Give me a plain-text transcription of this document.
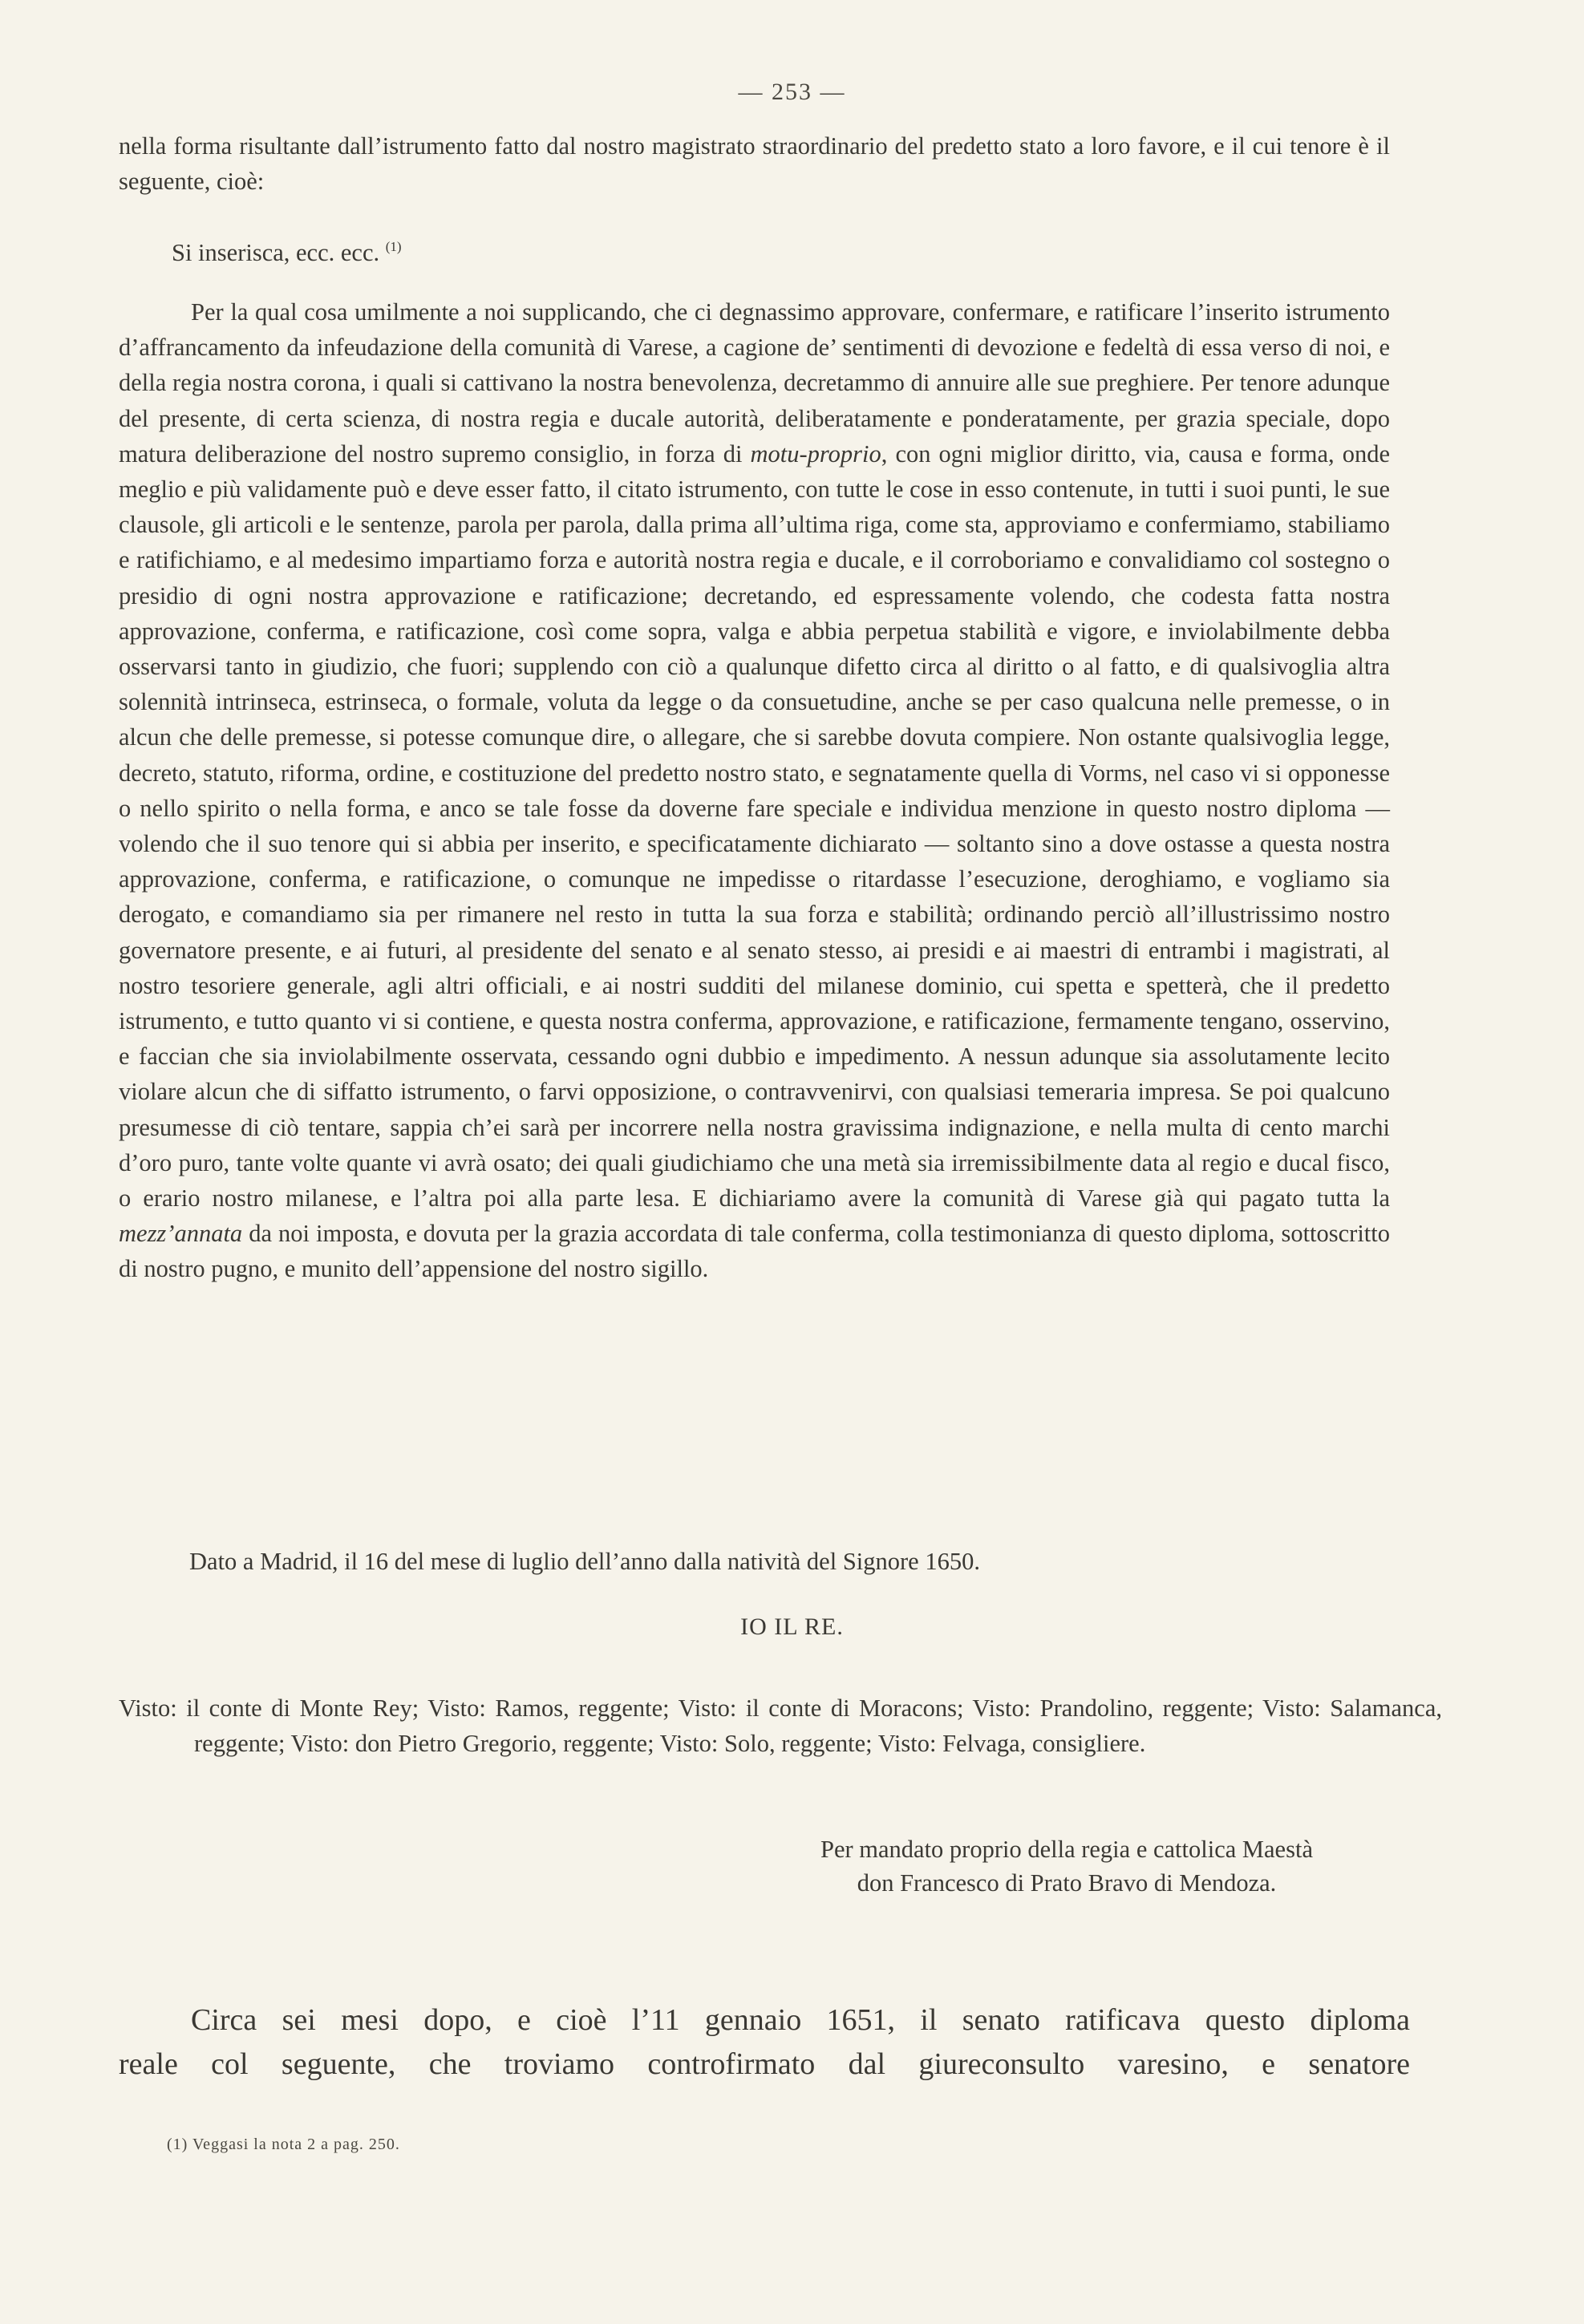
— 253 —

nella forma risultante dall’istrumento fatto dal nostro magistrato straordinario del predetto stato a loro favore, e il cui tenore è il seguente, cioè:

Si inserisca, ecc. ecc. $^{(1)}$

Per la qual cosa umilmente a noi supplicando, che ci degnassimo approvare, confermare, e ratificare l’inserito istrumento d’affrancamento da infeudazione della comunità di Varese, a cagione de’ sentimenti di devozione e fedeltà di essa verso di noi, e della regia nostra corona, i quali si cattivano la nostra benevolenza, decretammo di annuire alle sue preghiere. Per tenore adunque del presente, di certa scienza, di nostra regia e ducale autorità, deliberatamente e ponderatamente, per grazia speciale, dopo matura deliberazione del nostro supremo consiglio, in forza di motu-proprio, con ogni miglior diritto, via, causa e forma, onde meglio e più validamente può e deve esser fatto, il citato istrumento, con tutte le cose in esso contenute, in tutti i suoi punti, le sue clausole, gli articoli e le sentenze, parola per parola, dalla prima all’ultima riga, come sta, approviamo e confermiamo, stabiliamo e ratifichiamo, e al medesimo impartiamo forza e autorità nostra regia e ducale, e il corroboriamo e convalidiamo col sostegno o presidio di ogni nostra approvazione e ratificazione; decretando, ed espressamente volendo, che codesta fatta nostra approvazione, conferma, e ratificazione, così come sopra, valga e abbia perpetua stabilità e vigore, e inviolabilmente debba osservarsi tanto in giudizio, che fuori; supplendo con ciò a qualunque difetto circa al diritto o al fatto, e di qualsivoglia altra solennità intrinseca, estrinseca, o formale, voluta da legge o da consuetudine, anche se per caso qualcuna nelle premesse, o in alcun che delle premesse, si potesse comunque dire, o allegare, che si sarebbe dovuta compiere. Non ostante qualsivoglia legge, decreto, statuto, riforma, ordine, e costituzione del predetto nostro stato, e segnatamente quella di Vorms, nel caso vi si opponesse o nello spirito o nella forma, e anco se tale fosse da doverne fare speciale e individua menzione in questo nostro diploma — volendo che il suo tenore qui si abbia per inserito, e specificatamente dichiarato — soltanto sino a dove ostasse a questa nostra approvazione, conferma, e ratificazione, o comunque ne impedisse o ritardasse l’esecuzione, deroghiamo, e vogliamo sia derogato, e comandiamo sia per rimanere nel resto in tutta la sua forza e stabilità; ordinando perciò all’illustrissimo nostro governatore presente, e ai futuri, al presidente del senato e al senato stesso, ai presidi e ai maestri di entrambi i magistrati, al nostro tesoriere generale, agli altri officiali, e ai nostri sudditi del milanese dominio, cui spetta e spetterà, che il predetto istrumento, e tutto quanto vi si contiene, e questa nostra conferma, approvazione, e ratificazione, fermamente tengano, osservino, e faccian che sia inviolabilmente osservata, cessando ogni dubbio e impedimento. A nessun adunque sia assolutamente lecito violare alcun che di siffatto istrumento, o farvi opposizione, o contravvenirvi, con qualsiasi temeraria impresa. Se poi qualcuno presumesse di ciò tentare, sappia ch’ei sarà per incorrere nella nostra gravissima indignazione, e nella multa di cento marchi d’oro puro, tante volte quante vi avrà osato; dei quali giudichiamo che una metà sia irremissibilmente data al regio e ducal fisco, o erario nostro milanese, e l’altra poi alla parte lesa. E dichiariamo avere la comunità di Varese già qui pagato tutta la mezz’annata da noi imposta, e dovuta per la grazia accordata di tale conferma, colla testimonianza di questo diploma, sottoscritto di nostro pugno, e munito dell’appensione del nostro sigillo.

Dato a Madrid, il 16 del mese di luglio dell’anno dalla natività del Signore 1650.
IO IL RE.
Visto: il conte di Monte Rey; Visto: Ramos, reggente; Visto: il conte di Moracons; Visto: Prandolino, reggente; Visto: Salamanca, reggente; Visto: don Pietro Gregorio, reggente; Visto: Solo, reggente; Visto: Felvaga, consigliere.
Per mandato proprio della regia e cattolica Maestà
don Francesco di Prato Bravo di Mendoza.
Circa sei mesi dopo, e cioè l’11 gennaio 1651, il senato ratificava questo diploma
reale col seguente, che troviamo controfirmato dal giureconsulto varesino, e senatore
(1) Veggasi la nota 2 a pag. 250.
